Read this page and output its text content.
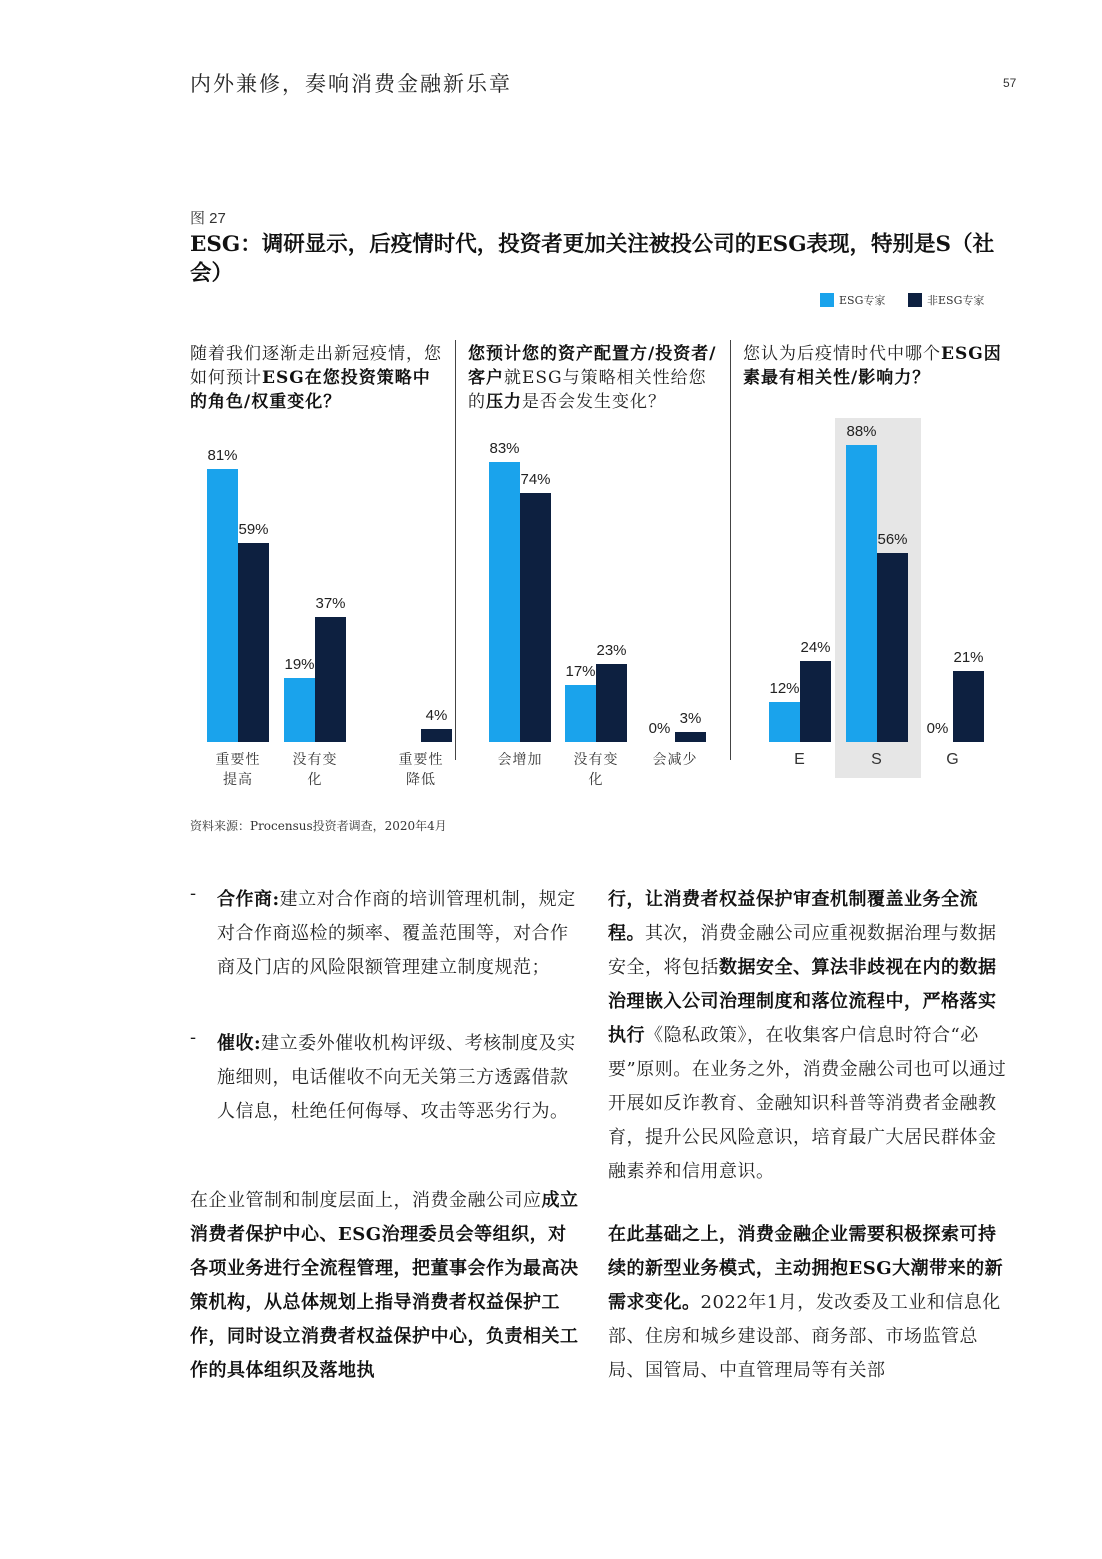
内外兼修，奏响消费金融新乐章	57
图 27
ESG：调研显示，后疫情时代，投资者更加关注被投公司的ESG表现，特别是S（社会）
ESG专家	非ESG专家
随着我们逐渐走出新冠疫情，您如何预计ESG在您投资策略中的角色/权重变化？
您预计您的资产配置方/投资者/客户就ESG与策略相关性给您的压力是否会发生变化？
您认为后疫情时代中哪个ESG因素最有相关性/影响力？
81%
59%
重要性提高
19%
37%
没有变化
4%
重要性降低
83%
74%
会增加
17%
23%
没有变化
0%
3%
会减少
12%
24%
E
88%
56%
S
0%
21%
G
资料来源：Procensus投资者调查，2020年4月
- 合作商:建立对合作商的培训管理机制，规定对合作商巡检的频率、覆盖范围等，对合作商及门店的风险限额管理建立制度规范；
- 催收:建立委外催收机构评级、考核制度及实施细则，电话催收不向无关第三方透露借款人信息，杜绝任何侮辱、攻击等恶劣行为。
在企业管制和制度层面上，消费金融公司应成立消费者保护中心、ESG治理委员会等组织，对各项业务进行全流程管理，把董事会作为最高决策机构，从总体规划上指导消费者权益保护工作，同时设立消费者权益保护中心，负责相关工作的具体组织及落地执
行，让消费者权益保护审查机制覆盖业务全流程。其次，消费金融公司应重视数据治理与数据安全，将包括数据安全、算法非歧视在内的数据治理嵌入公司治理制度和落位流程中，严格落实执行《隐私政策》，在收集客户信息时符合“必要”原则。在业务之外，消费金融公司也可以通过开展如反诈教育、金融知识科普等消费者金融教育，提升公民风险意识，培育最广大居民群体金融素养和信用意识。
在此基础之上，消费金融企业需要积极探索可持续的新型业务模式，主动拥抱ESG大潮带来的新需求变化。2022年1月，发改委及工业和信息化部、住房和城乡建设部、商务部、市场监管总局、国管局、中直管理局等有关部
